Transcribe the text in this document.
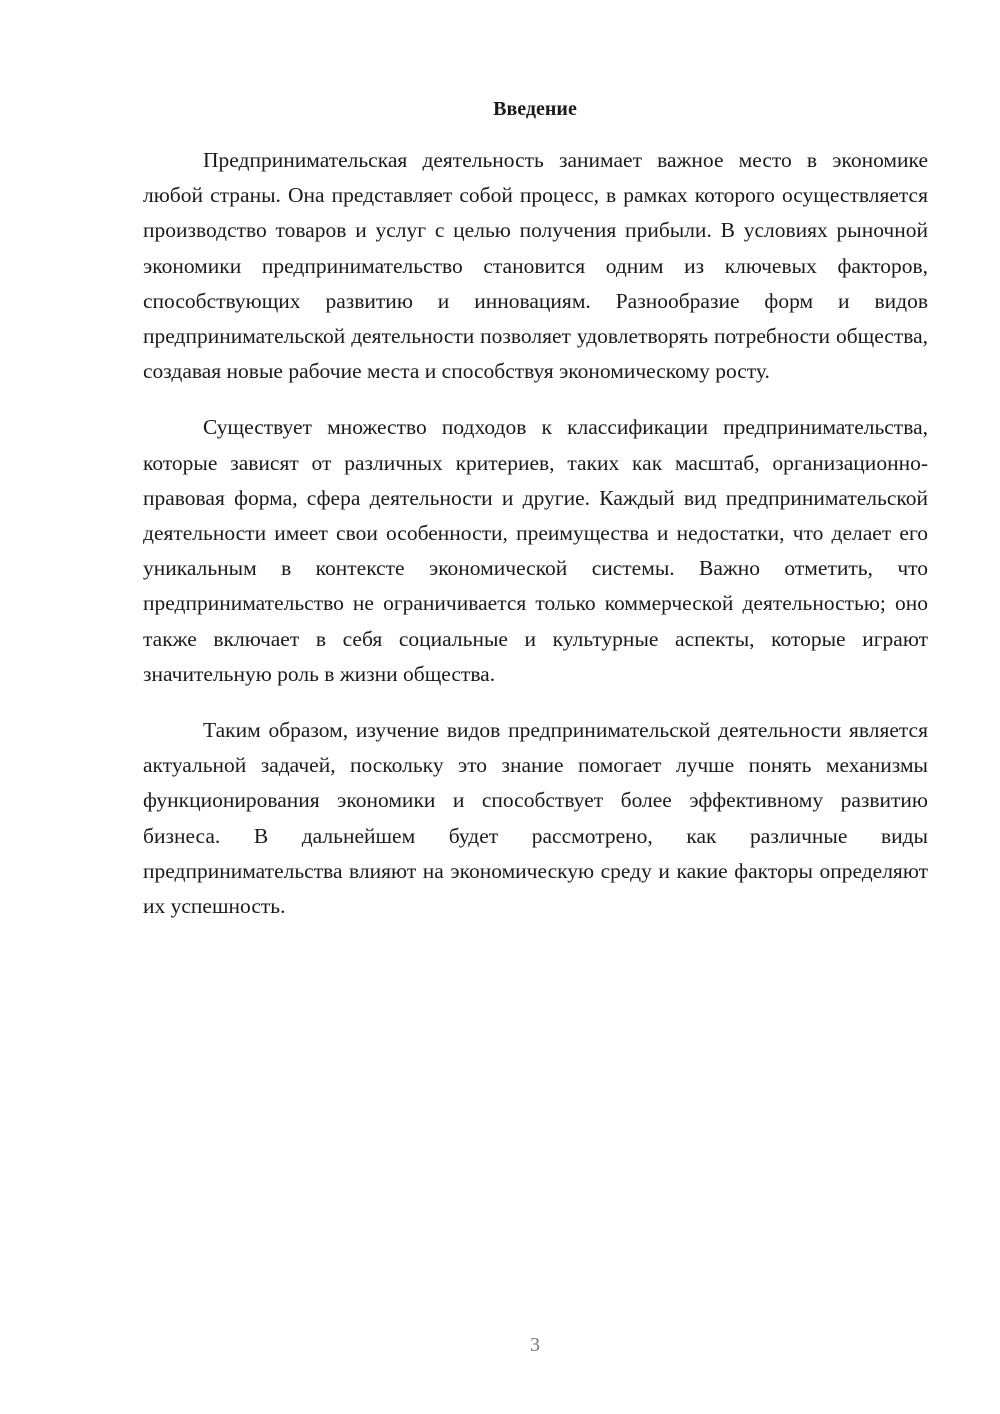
Введение

Предпринимательская деятельность занимает важное место в экономике любой страны. Она представляет собой процесс, в рамках которого осуществляется производство товаров и услуг с целью получения прибыли. В условиях рыночной экономики предпринимательство становится одним из ключевых факторов, способствующих развитию и инновациям. Разнообразие форм и видов предпринимательской деятельности позволяет удовлетворять потребности общества, создавая новые рабочие места и способствуя экономическому росту.

Существует множество подходов к классификации предпринимательства, которые зависят от различных критериев, таких как масштаб, организационно-правовая форма, сфера деятельности и другие. Каждый вид предпринимательской деятельности имеет свои особенности, преимущества и недостатки, что делает его уникальным в контексте экономической системы. Важно отметить, что предпринимательство не ограничивается только коммерческой деятельностью; оно также включает в себя социальные и культурные аспекты, которые играют значительную роль в жизни общества.

Таким образом, изучение видов предпринимательской деятельности является актуальной задачей, поскольку это знание помогает лучше понять механизмы функционирования экономики и способствует более эффективному развитию бизнеса. В дальнейшем будет рассмотрено, как различные виды предпринимательства влияют на экономическую среду и какие факторы определяют их успешность.

3
